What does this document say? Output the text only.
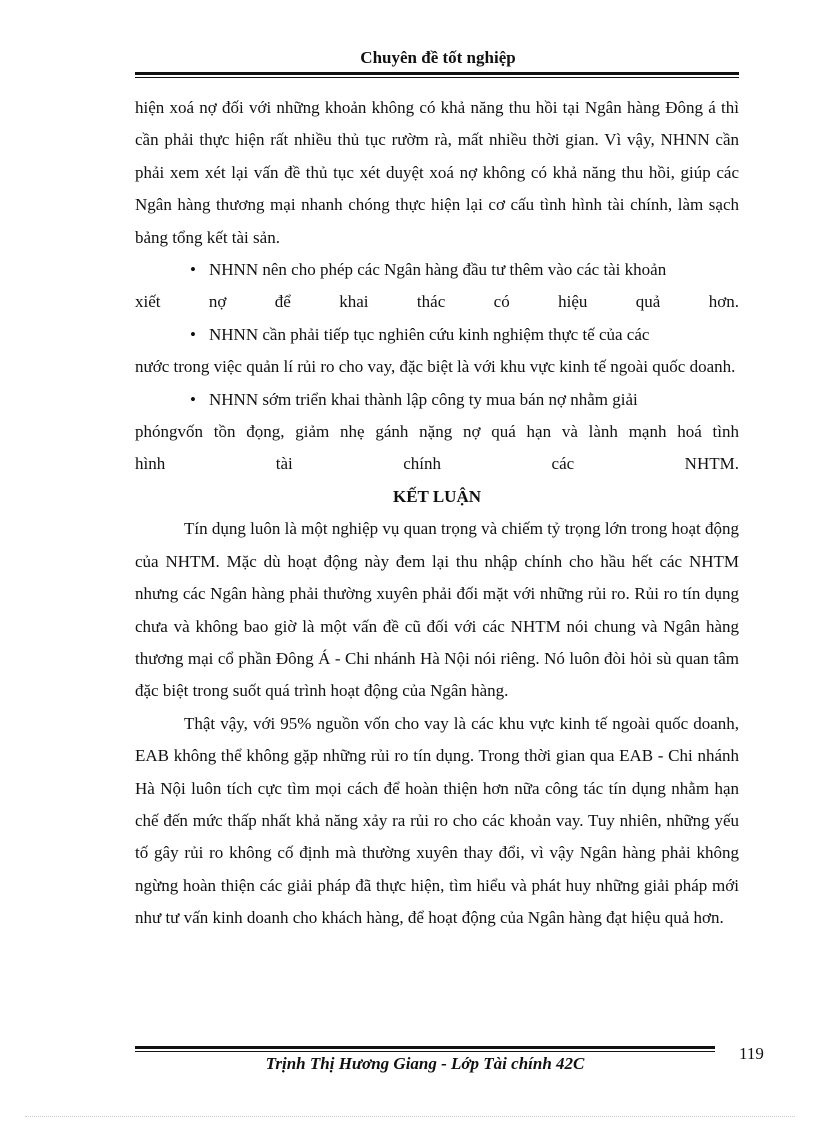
Chuyên đề tốt nghiệp

hiện xoá nợ đối với những khoản không có khả năng thu hồi tại Ngân hàng Đông á thì cần phải thực hiện rất nhiều thủ tục rườm rà, mất nhiều thời gian. Vì vậy, NHNN cần phải xem xét lại vấn đề thủ tục xét duyệt xoá nợ không có khả năng thu hồi, giúp các Ngân hàng thương mại nhanh chóng thực hiện lại cơ cấu tình hình tài chính, làm sạch bảng tổng kết tài sản.

• NHNN nên cho phép các Ngân hàng đầu tư thêm vào các tài khoản
xiết nợ để khai thác có hiệu quả hơn.
• NHNN cần phải tiếp tục nghiên cứu kinh nghiệm thực tế của các

nước trong việc quản lí rủi ro cho vay, đặc biệt là với khu vực kinh tế ngoài quốc doanh.

• NHNN sớm triển khai thành lập công ty mua bán nợ nhằm giải
phóngvốn tồn đọng, giảm nhẹ gánh nặng nợ quá hạn và lành mạnh hoá tình
hình tài chính các NHTM.

KẾT LUẬN

Tín dụng luôn là một nghiệp vụ quan trọng và chiếm tỷ trọng lớn trong hoạt động của NHTM. Mặc dù hoạt động này đem lại thu nhập chính cho hầu hết các NHTM nhưng các Ngân hàng phải thường xuyên phải đối mặt với những rủi ro. Rủi ro tín dụng chưa và không bao giờ là một vấn đề cũ đối với các NHTM nói chung và Ngân hàng thương mại cổ phần Đông Á - Chi nhánh Hà Nội nói riêng. Nó luôn đòi hỏi sù quan tâm đặc biệt trong suốt quá trình hoạt động của Ngân hàng.

Thật vậy, với 95% nguồn vốn cho vay là các khu vực kinh tế ngoài quốc doanh, EAB không thể không gặp những rủi ro tín dụng. Trong thời gian qua EAB - Chi nhánh Hà Nội luôn tích cực tìm mọi cách để hoàn thiện hơn nữa công tác tín dụng nhằm hạn chế đến mức thấp nhất khả năng xảy ra rủi ro cho các khoản vay. Tuy nhiên, những yếu tố gây rủi ro không cố định mà thường xuyên thay đổi, vì vậy Ngân hàng phải không ngừng hoàn thiện các giải pháp đã thực hiện, tìm hiểu và phát huy những giải pháp mới như tư vấn kinh doanh cho khách hàng, để hoạt động của Ngân hàng đạt hiệu quả hơn.

119
Trịnh Thị Hương Giang - Lớp Tài chính 42C
